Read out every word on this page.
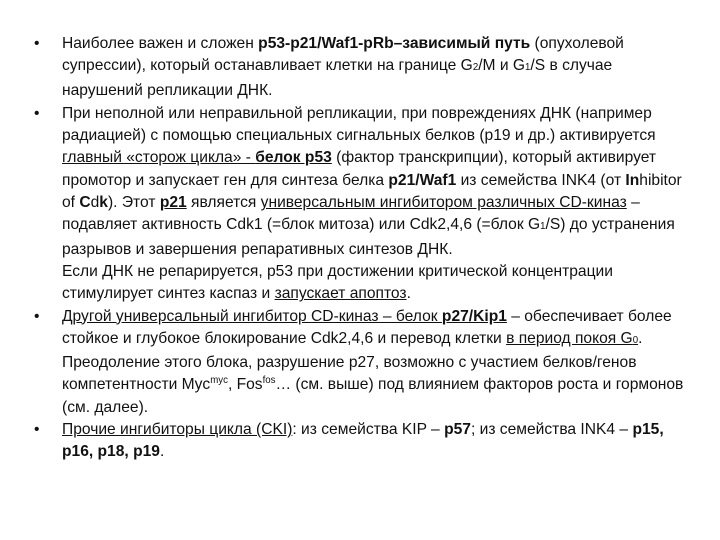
•	Наиболее важен и сложен p53-p21/Waf1-pRb–зависимый путь (опухолевой супрессии), который останавливает клетки на границе G2/M и G1/S в случае нарушений репликации ДНК.
•	При неполной или неправильной репликации, при повреждениях ДНК (например радиацией) с помощью специальных сигнальных белков (p19 и др.) активируется главный «сторож цикла» - белок p53 (фактор транскрипции), который активирует промотор и запускает ген для синтеза белка p21/Waf1 из семейства INK4 (от Inhibitor of Cdk). Этот p21 является универсальным ингибитором различных CD-киназ – подавляет активность Cdk1 (=блок митоза) или Cdk2,4,6 (=блок G1/S) до устранения разрывов и завершения репаративных синтезов ДНК.
Если ДНК не репарируется, p53 при достижении критической концентрации стимулирует синтез каспаз и запускает апоптоз.
•	Другой универсальный ингибитор CD-киназ – белок p27/Kip1 – обеспечивает более стойкое и глубокое блокирование Cdk2,4,6 и перевод клетки в период покоя G0. Преодоление этого блока, разрушение p27, возможно с участием белков/генов компетентности Myc$^{myc}$, Fos$^{fos}$… (см. выше) под влиянием факторов роста и гормонов (см. далее).
•	Прочие ингибиторы цикла (CKI): из семейства KIP – p57; из семейства INK4 – p15, p16, p18, p19.
